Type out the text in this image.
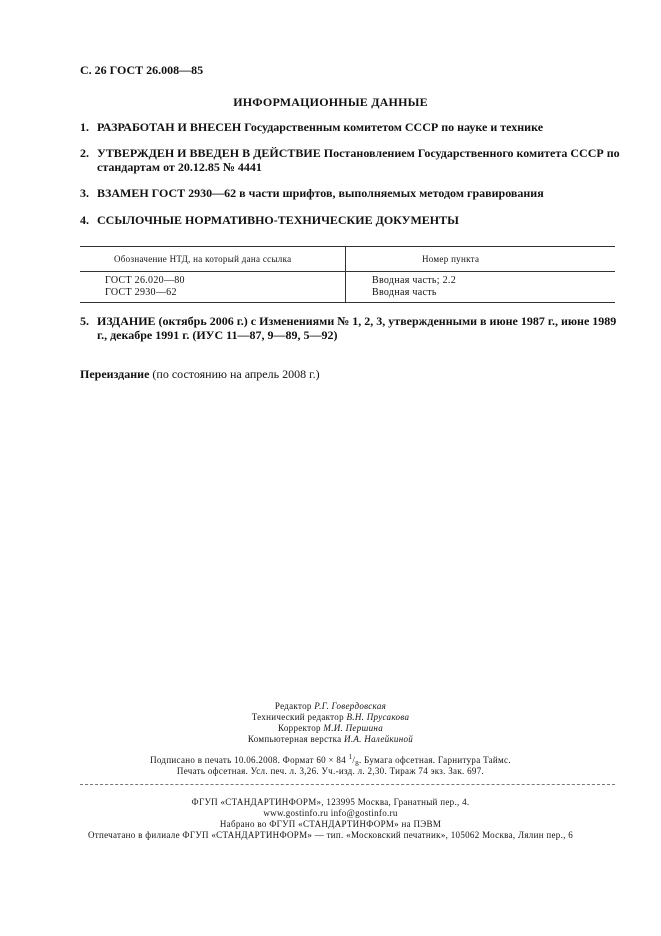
С. 26 ГОСТ 26.008—85
ИНФОРМАЦИОННЫЕ ДАННЫЕ
1. РАЗРАБОТАН И ВНЕСЕН Государственным комитетом СССР по науке и технике
2. УТВЕРЖДЕН И ВВЕДЕН В ДЕЙСТВИЕ Постановлением Государственного комитета СССР по стандартам от 20.12.85 № 4441
3. ВЗАМЕН ГОСТ 2930—62 в части шрифтов, выполняемых методом гравирования
4. ССЫЛОЧНЫЕ НОРМАТИВНО-ТЕХНИЧЕСКИЕ ДОКУМЕНТЫ
Обозначение НТД, на который дана ссылка	Номер пункта
ГОСТ 26.020—80	Вводная часть; 2.2
ГОСТ 2930—62	Вводная часть
5. ИЗДАНИЕ (октябрь 2006 г.) с Изменениями № 1, 2, 3, утвержденными в июне 1987 г., июне 1989 г., декабре 1991 г. (ИУС 11—87, 9—89, 5—92)
Переиздание (по состоянию на апрель 2008 г.)
Редактор Р.Г. Говердовская
Технический редактор В.Н. Прусакова
Корректор М.И. Першина
Компьютерная верстка И.А. Налейкиной
Подписано в печать 10.06.2008. Формат 60 × 84 $^1/_8$. Бумага офсетная. Гарнитура Таймс.
Печать офсетная. Усл. печ. л. 3,26. Уч.-изд. л. 2,30. Тираж 74 экз. Зак. 697.
ФГУП «СТАНДАРТИНФОРМ», 123995 Москва, Гранатный пер., 4.
www.gostinfo.ru info@gostinfo.ru
Набрано во ФГУП «СТАНДАРТИНФОРМ» на ПЭВМ
Отпечатано в филиале ФГУП «СТАНДАРТИНФОРМ» — тип. «Московский печатник», 105062 Москва, Лялин пер., 6
